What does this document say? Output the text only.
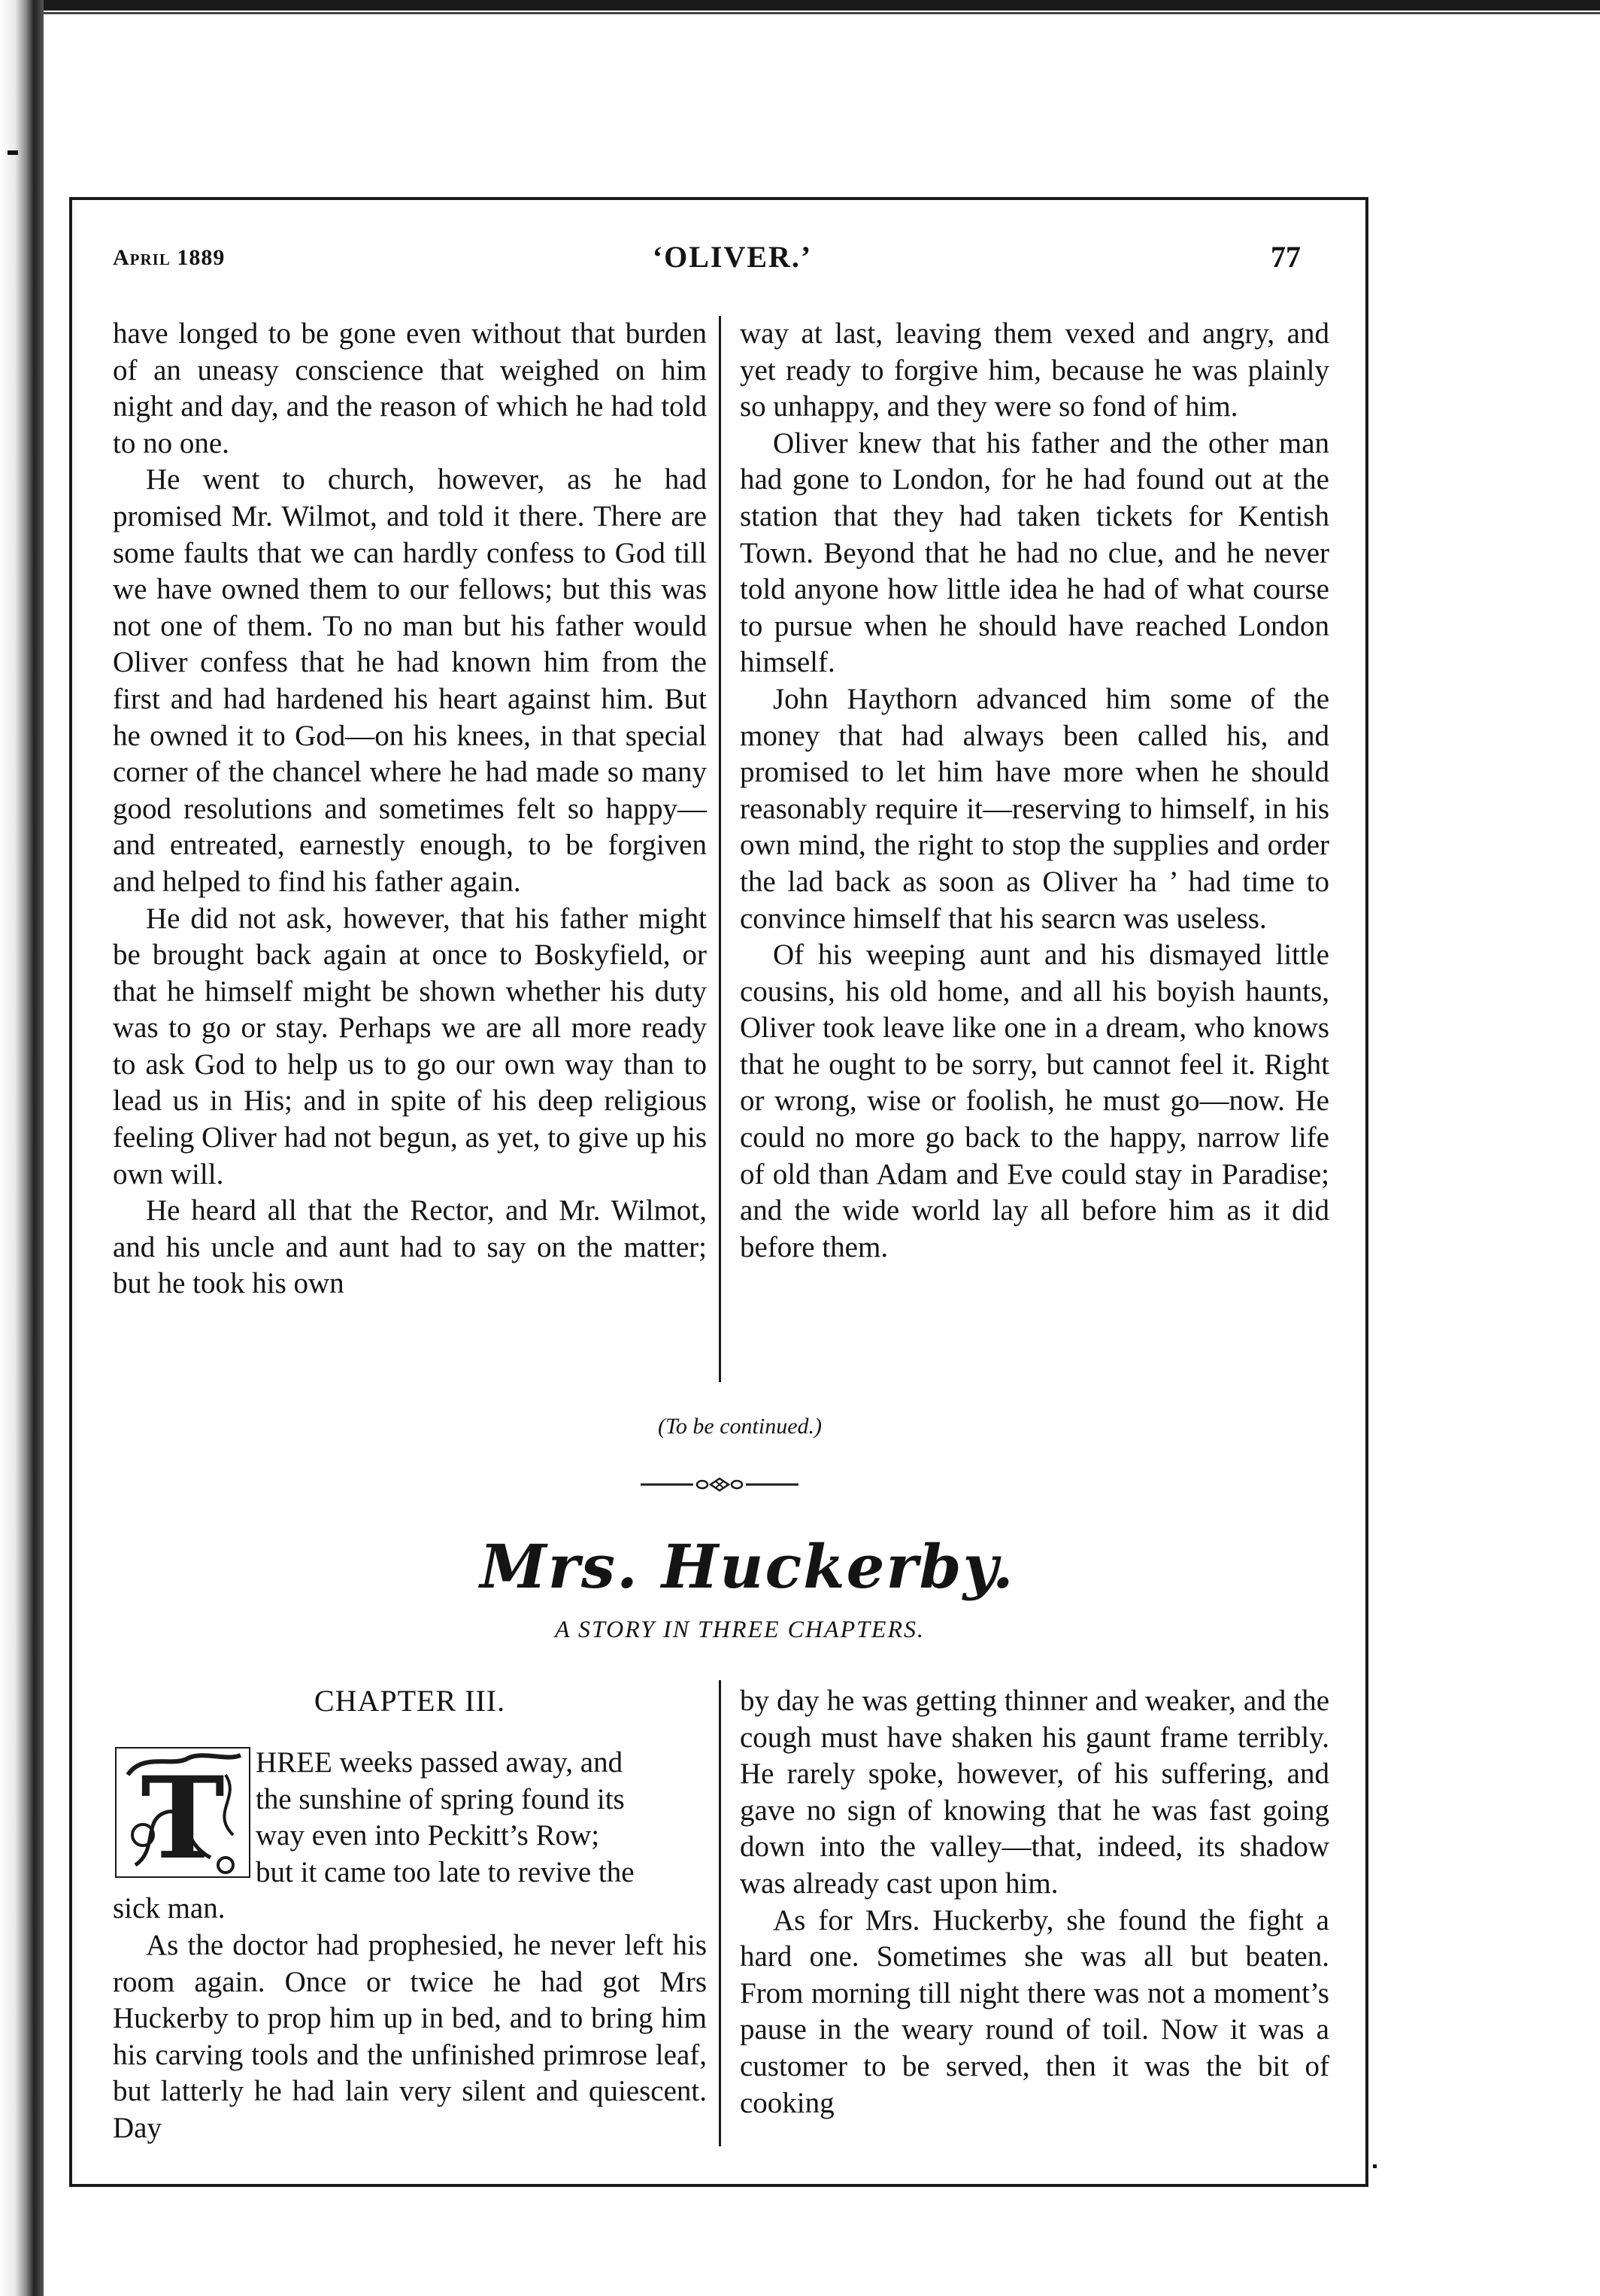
April 1889	‘OLIVER.’	77

have longed to be gone even without that burden of an uneasy conscience that weighed on him night and day, and the reason of which he had told to no one.

He went to church, however, as he had promised Mr. Wilmot, and told it there. There are some faults that we can hardly confess to God till we have owned them to our fellows; but this was not one of them. To no man but his father would Oliver confess that he had known him from the first and had hardened his heart against him. But he owned it to God—on his knees, in that special corner of the chancel where he had made so many good resolutions and sometimes felt so happy—and entreated, earnestly enough, to be forgiven and helped to find his father again.

He did not ask, however, that his father might be brought back again at once to Boskyfield, or that he himself might be shown whether his duty was to go or stay. Perhaps we are all more ready to ask God to help us to go our own way than to lead us in His; and in spite of his deep religious feeling Oliver had not begun, as yet, to give up his own will.

He heard all that the Rector, and Mr. Wilmot, and his uncle and aunt had to say on the matter; but he took his own

way at last, leaving them vexed and angry, and yet ready to forgive him, because he was plainly so unhappy, and they were so fond of him.

Oliver knew that his father and the other man had gone to London, for he had found out at the station that they had taken tickets for Kentish Town. Beyond that he had no clue, and he never told anyone how little idea he had of what course to pursue when he should have reached London himself.

John Haythorn advanced him some of the money that had always been called his, and promised to let him have more when he should reasonably require it—reserving to himself, in his own mind, the right to stop the supplies and order the lad back as soon as Oliver ha ’ had time to convince himself that his searcn was useless.

Of his weeping aunt and his dismayed little cousins, his old home, and all his boyish haunts, Oliver took leave like one in a dream, who knows that he ought to be sorry, but cannot feel it. Right or wrong, wise or foolish, he must go—now. He could no more go back to the happy, narrow life of old than Adam and Eve could stay in Paradise; and the wide world lay all before him as it did before them.

(To be continued.)
Mrs. Huckerby.
A STORY IN THREE CHAPTERS.
CHAPTER III.
T	HREE weeks passed away, and
the sunshine of spring found its
way even into Peckitt’s Row;
but it came too late to revive the
sick man.

As the doctor had prophesied, he never left his room again. Once or twice he had got Mrs Huckerby to prop him up in bed, and to bring him his carving tools and the unfinished primrose leaf, but latterly he had lain very silent and quiescent. Day

by day he was getting thinner and weaker, and the cough must have shaken his gaunt frame terribly. He rarely spoke, however, of his suffering, and gave no sign of knowing that he was fast going down into the valley—that, indeed, its shadow was already cast upon him.

As for Mrs. Huckerby, she found the fight a hard one. Sometimes she was all but beaten. From morning till night there was not a moment’s pause in the weary round of toil. Now it was a customer to be served, then it was the bit of cooking
